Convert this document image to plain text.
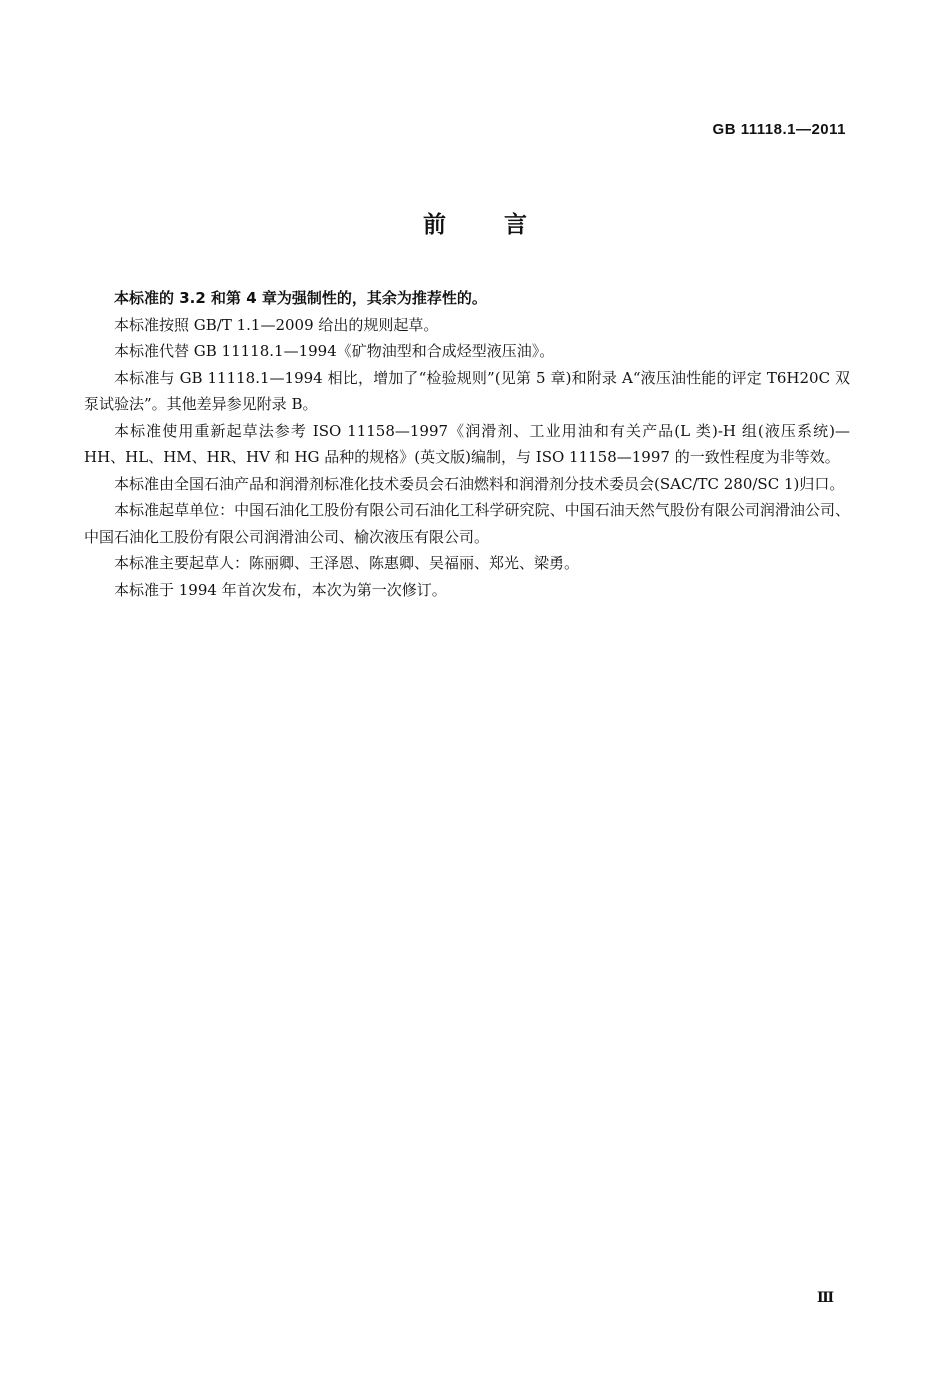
GB 11118.1—2011
前言

本标准的 3.2 和第 4 章为强制性的，其余为推荐性的。

本标准按照 GB/T 1.1—2009 给出的规则起草。

本标准代替 GB 11118.1—1994《矿物油型和合成烃型液压油》。

本标准与 GB 11118.1—1994 相比，增加了“检验规则”(见第 5 章)和附录 A“液压油性能的评定 T6H20C 双泵试验法”。其他差异参见附录 B。

本标准使用重新起草法参考 ISO 11158—1997《润滑剂、工业用油和有关产品(L 类)-H 组(液压系统)—HH、HL、HM、HR、HV 和 HG 品种的规格》(英文版)编制，与 ISO 11158—1997 的一致性程度为非等效。

本标准由全国石油产品和润滑剂标准化技术委员会石油燃料和润滑剂分技术委员会(SAC/TC 280/SC 1)归口。

本标准起草单位：中国石油化工股份有限公司石油化工科学研究院、中国石油天然气股份有限公司润滑油公司、中国石油化工股份有限公司润滑油公司、榆次液压有限公司。

本标准主要起草人：陈丽卿、王泽恩、陈惠卿、吴福丽、郑光、梁勇。

本标准于 1994 年首次发布，本次为第一次修订。

Ⅲ
